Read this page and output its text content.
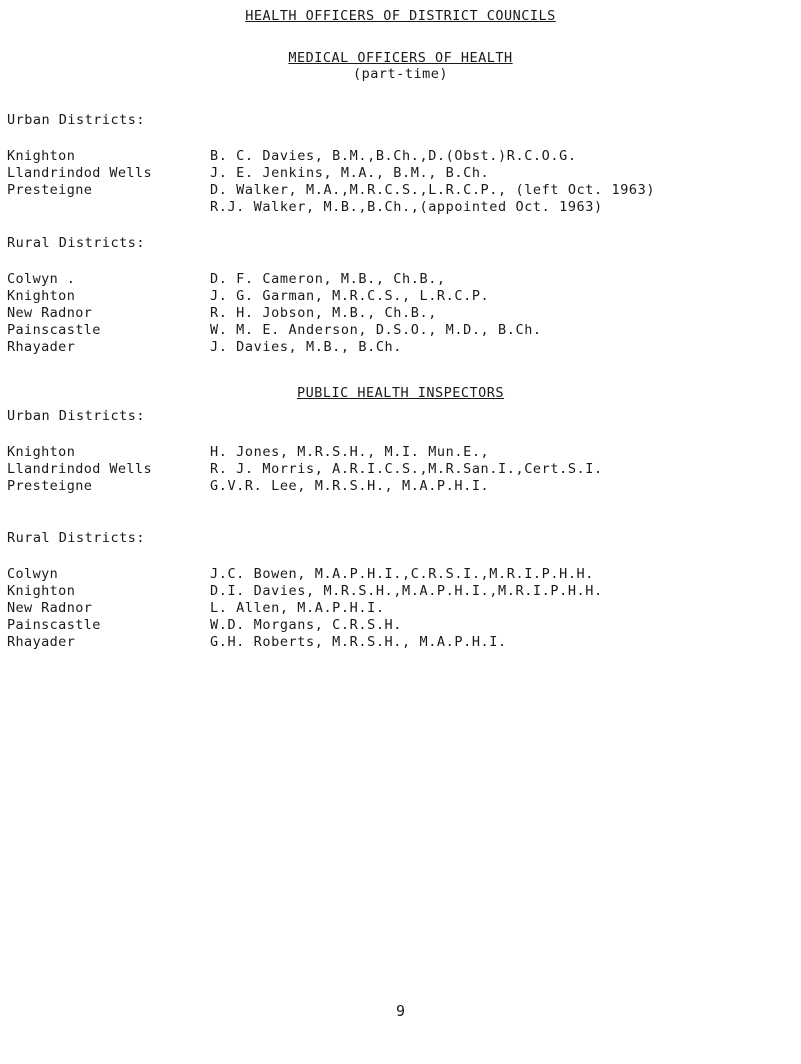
HEALTH OFFICERS OF DISTRICT COUNCILS
MEDICAL OFFICERS OF HEALTH
(part-time)
Urban Districts:
Knighton	B. C. Davies, B.M.,B.Ch.,D.(Obst.)R.C.O.G.
Llandrindod Wells	J. E. Jenkins, M.A., B.M., B.Ch.
Presteigne	D. Walker, M.A.,M.R.C.S.,L.R.C.P., (left Oct. 1963)
R.J. Walker, M.B.,B.Ch.,(appointed Oct. 1963)
Rural Districts:
Colwyn .	D. F. Cameron, M.B., Ch.B.,
Knighton	J. G. Garman, M.R.C.S., L.R.C.P.
New Radnor	R. H. Jobson, M.B., Ch.B.,
Painscastle	W. M. E. Anderson, D.S.O., M.D., B.Ch.
Rhayader	J. Davies, M.B., B.Ch.
PUBLIC HEALTH INSPECTORS
Urban Districts:
Knighton	H. Jones, M.R.S.H., M.I. Mun.E.,
Llandrindod Wells	R. J. Morris, A.R.I.C.S.,M.R.San.I.,Cert.S.I.
Presteigne	G.V.R. Lee, M.R.S.H., M.A.P.H.I.
Rural Districts:
Colwyn	J.C. Bowen, M.A.P.H.I.,C.R.S.I.,M.R.I.P.H.H.
Knighton	D.I. Davies, M.R.S.H.,M.A.P.H.I.,M.R.I.P.H.H.
New Radnor	L. Allen, M.A.P.H.I.
Painscastle	W.D. Morgans, C.R.S.H.
Rhayader	G.H. Roberts, M.R.S.H., M.A.P.H.I.
9
